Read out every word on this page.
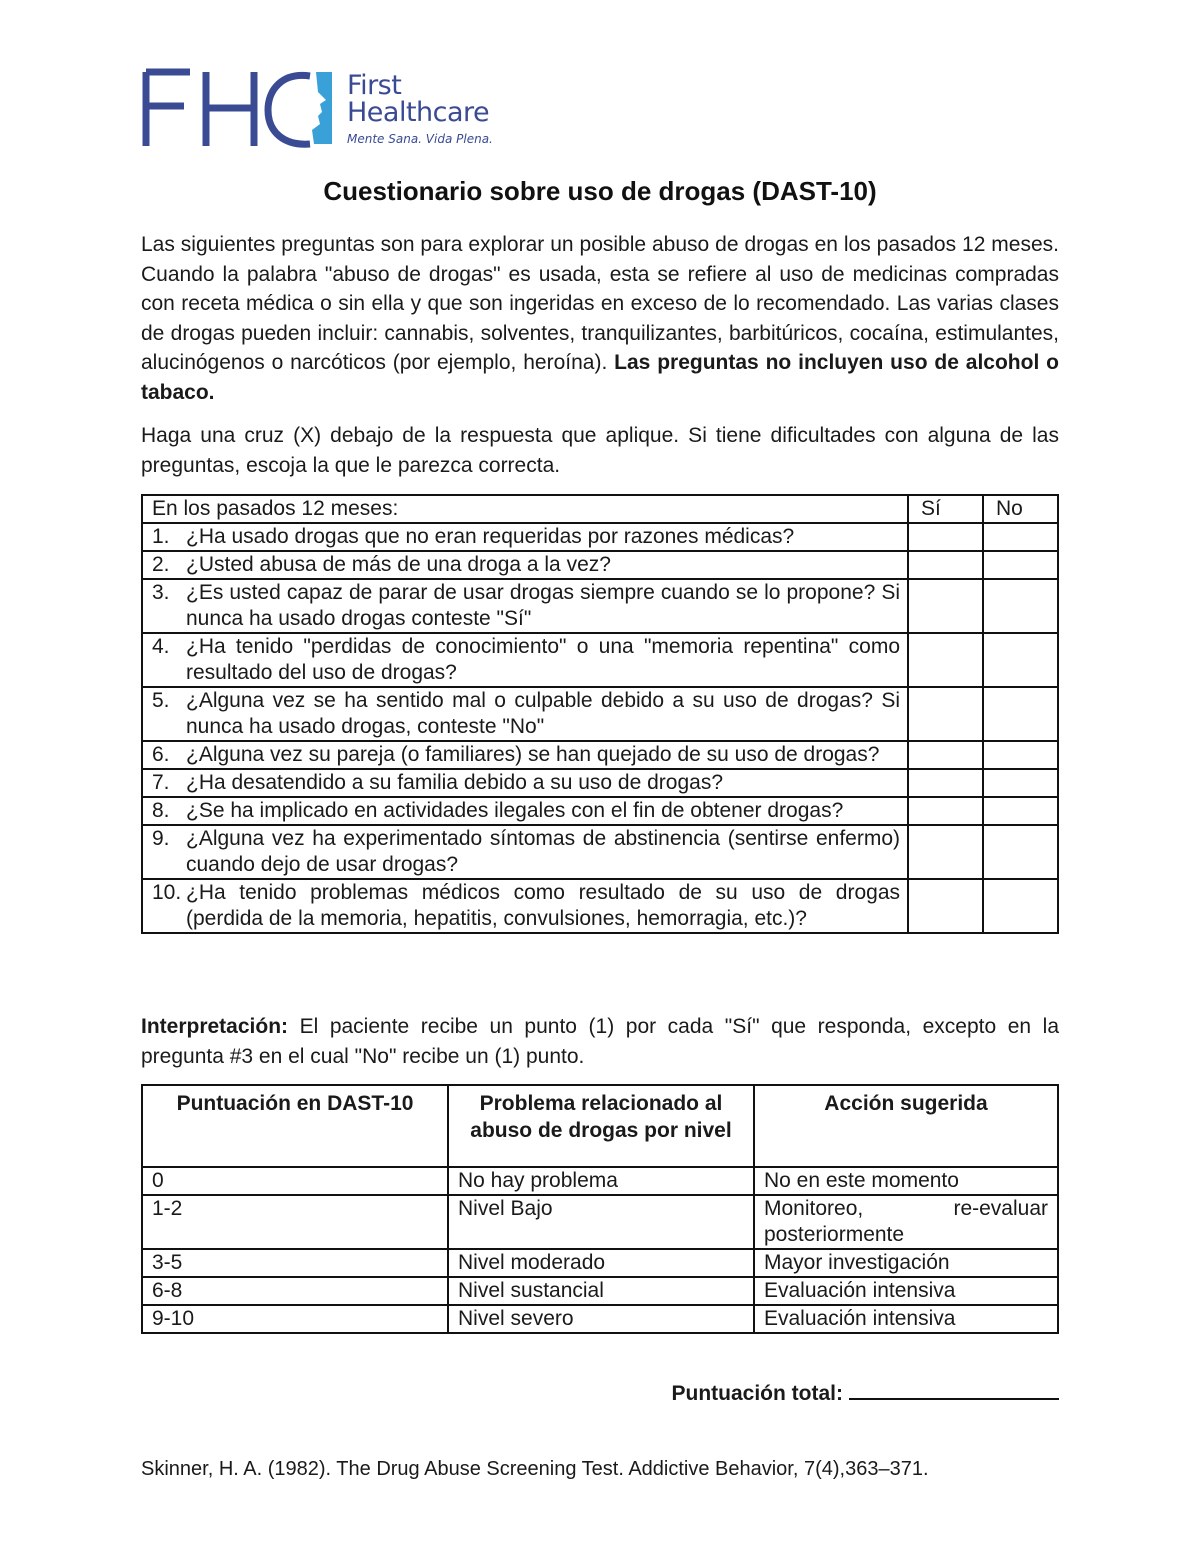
First
Healthcare
Mente Sana. Vida Plena.
Cuestionario sobre uso de drogas (DAST-10)
Las siguientes preguntas son para explorar un posible abuso de drogas en los pasados 12 meses. Cuando la palabra "abuso de drogas" es usada, esta se refiere al uso de medicinas compradas con receta médica o sin ella y que son ingeridas en exceso de lo recomendado. Las varias clases de drogas pueden incluir: cannabis, solventes, tranquilizantes, barbitúricos, cocaína, estimulantes, alucinógenos o narcóticos (por ejemplo, heroína). Las preguntas no incluyen uso de alcohol o tabaco.
Haga una cruz (X) debajo de la respuesta que aplique. Si tiene dificultades con alguna de las preguntas, escoja la que le parezca correcta.
En los pasados 12 meses:	Sí	No

1. ¿Ha usado drogas que no eran requeridas por razones médicas?		

2. ¿Usted abusa de más de una droga a la vez?		

3. ¿Es usted capaz de parar de usar drogas siempre cuando se lo propone? Si nunca ha usado drogas conteste "Sí"		

4. ¿Ha tenido "perdidas de conocimiento" o una "memoria repentina" como resultado del uso de drogas?		

5. ¿Alguna vez se ha sentido mal o culpable debido a su uso de drogas? Si nunca ha usado drogas, conteste "No"		

6. ¿Alguna vez su pareja (o familiares) se han quejado de su uso de drogas?		

7. ¿Ha desatendido a su familia debido a su uso de drogas?		

8. ¿Se ha implicado en actividades ilegales con el fin de obtener drogas?		

9. ¿Alguna vez ha experimentado síntomas de abstinencia (sentirse enfermo) cuando dejo de usar drogas?		

10. ¿Ha tenido problemas médicos como resultado de su uso de drogas (perdida de la memoria, hepatitis, convulsiones, hemorragia, etc.)?		

Interpretación: El paciente recibe un punto (1) por cada "Sí" que responda, excepto en la pregunta #3 en el cual "No" recibe un (1) punto.
Puntuación en DAST-10	Problema relacionado al abuso de drogas por nivel	Acción sugerida
0	No hay problema	No en este momento
1-2	Nivel Bajo	Monitoreo, re-evaluar posteriormente
3-5	Nivel moderado	Mayor investigación
6-8	Nivel sustancial	Evaluación intensiva
9-10	Nivel severo	Evaluación intensiva
Puntuación total:
Skinner, H. A. (1982). The Drug Abuse Screening Test. Addictive Behavior, 7(4),363–371.
